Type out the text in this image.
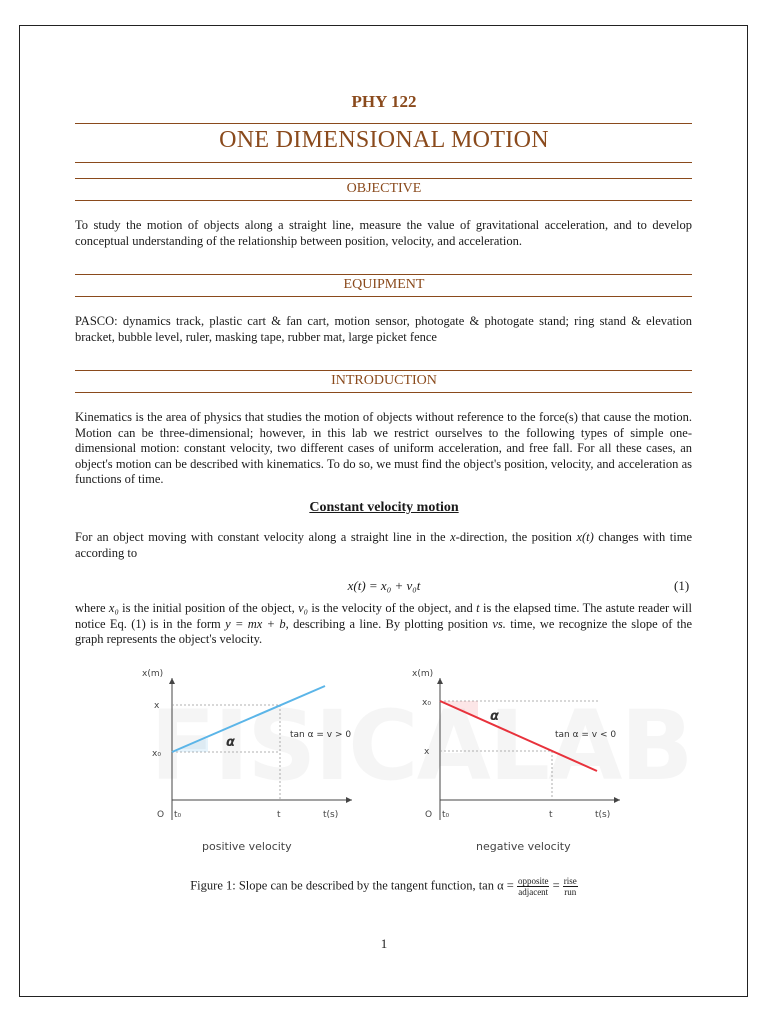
PHY 122
ONE DIMENSIONAL MOTION
OBJECTIVE
To study the motion of objects along a straight line, measure the value of gravitational acceleration, and to develop conceptual understanding of the relationship between position, velocity, and acceleration.
EQUIPMENT
PASCO: dynamics track, plastic cart & fan cart, motion sensor, photogate & photogate stand; ring stand & elevation bracket, bubble level, ruler, masking tape, rubber mat, large picket fence
INTRODUCTION
Kinematics is the area of physics that studies the motion of objects without reference to the force(s) that cause the motion. Motion can be three-dimensional; however, in this lab we restrict ourselves to the following types of simple one-dimensional motion: constant velocity, two different cases of uniform acceleration, and free fall. For all these cases, an object's motion can be described with kinematics. To do so, we must find the object's position, velocity, and acceleration as functions of time.
Constant velocity motion
For an object moving with constant velocity along a straight line in the x-direction, the position x(t) changes with time according to
x(t) = x₀ + v₀t	(1)
where x₀ is the initial position of the object, v₀ is the velocity of the object, and t is the elapsed time. The astute reader will notice Eq. (1) is in the form y = mx + b, describing a line. By plotting position vs. time, we recognize the slope of the graph represents the object's velocity.
x(m)
t(s)
x
x₀
t
t₀
O
α	tan α = v > 0
positive velocity
x(m)
t(s)
x
x₀
t
t₀
O
α
tan α = v < 0
negative velocity
Figure 1: Slope can be described by the tangent function, $\tan \alpha = \frac{\text{opposite}}{\text{adjacent}} = \frac{\text{rise}}{\text{run}}$
1
